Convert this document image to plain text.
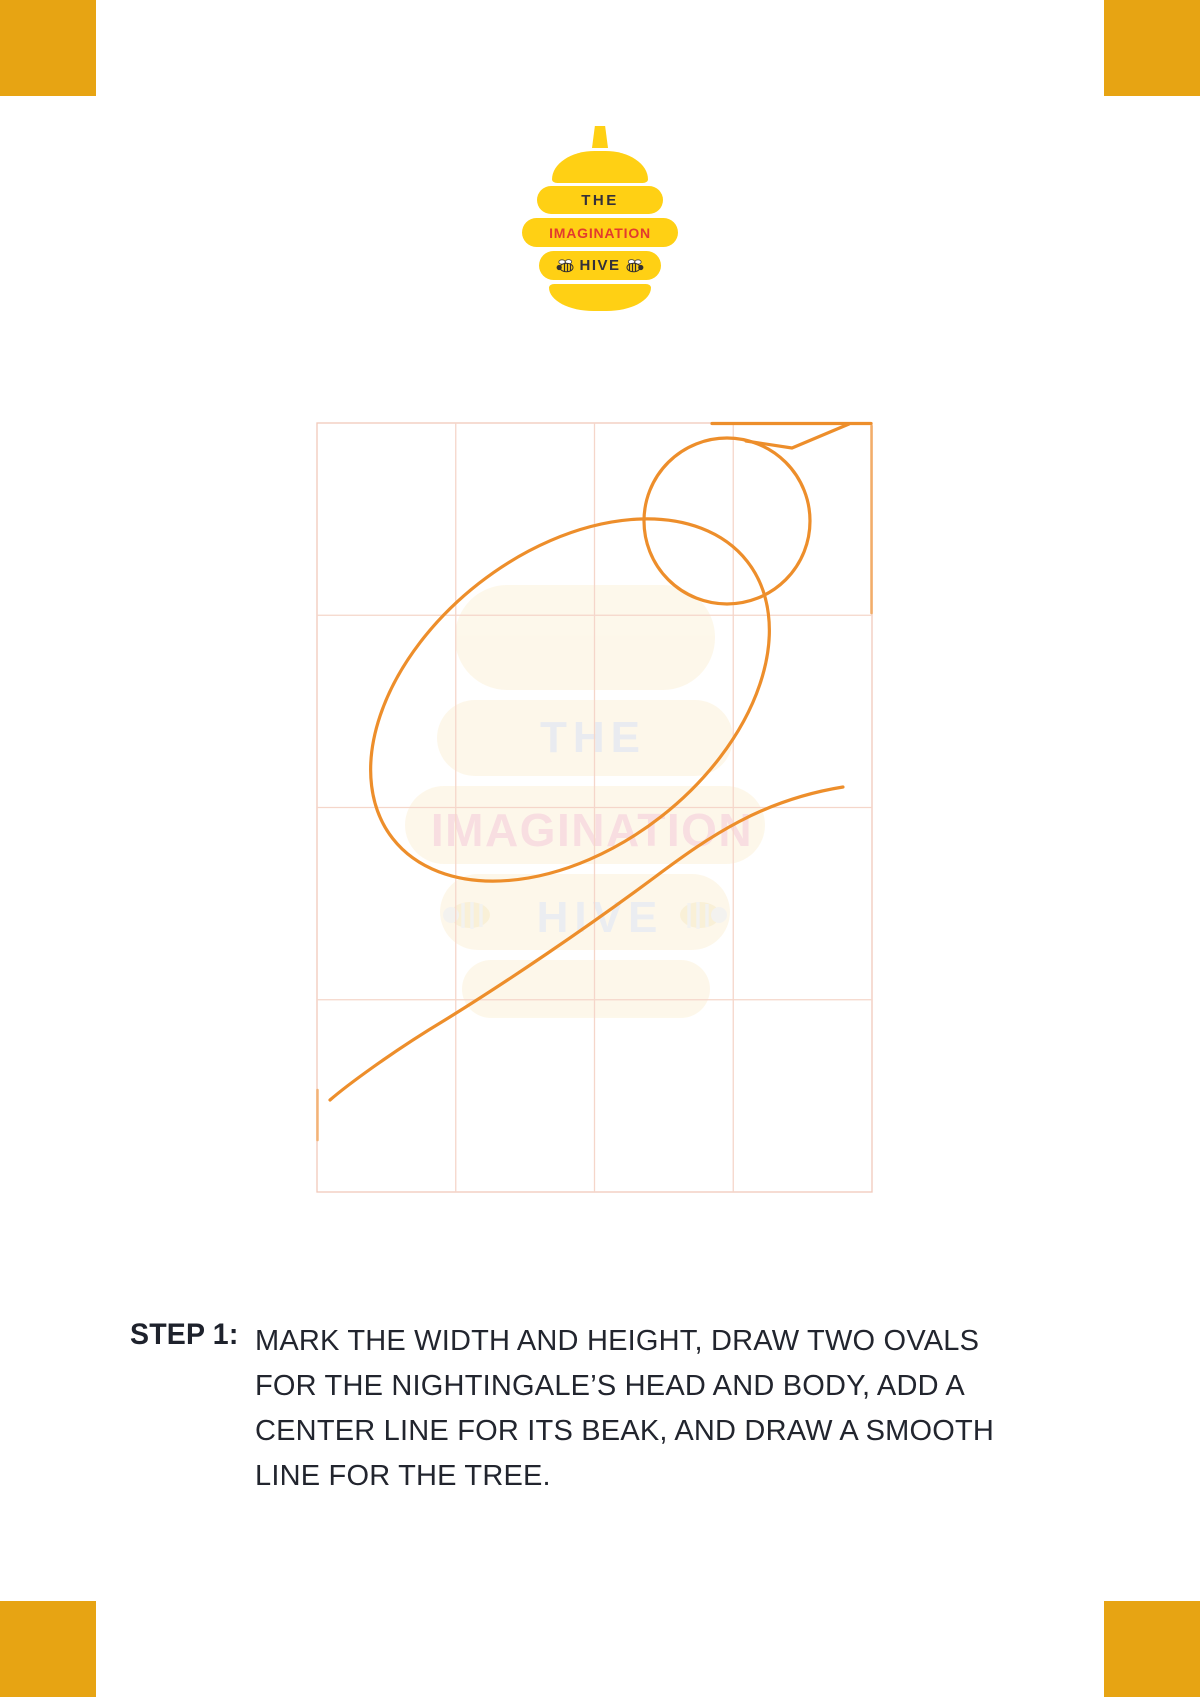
THE
IMAGINATION
HIVE
THE
IMAGINATION
HIVE
STEP 1: MARK THE WIDTH AND HEIGHT, DRAW TWO OVALS
FOR THE NIGHTINGALE’S HEAD AND BODY, ADD A
CENTER LINE FOR ITS BEAK, AND DRAW A SMOOTH
LINE FOR THE TREE.
